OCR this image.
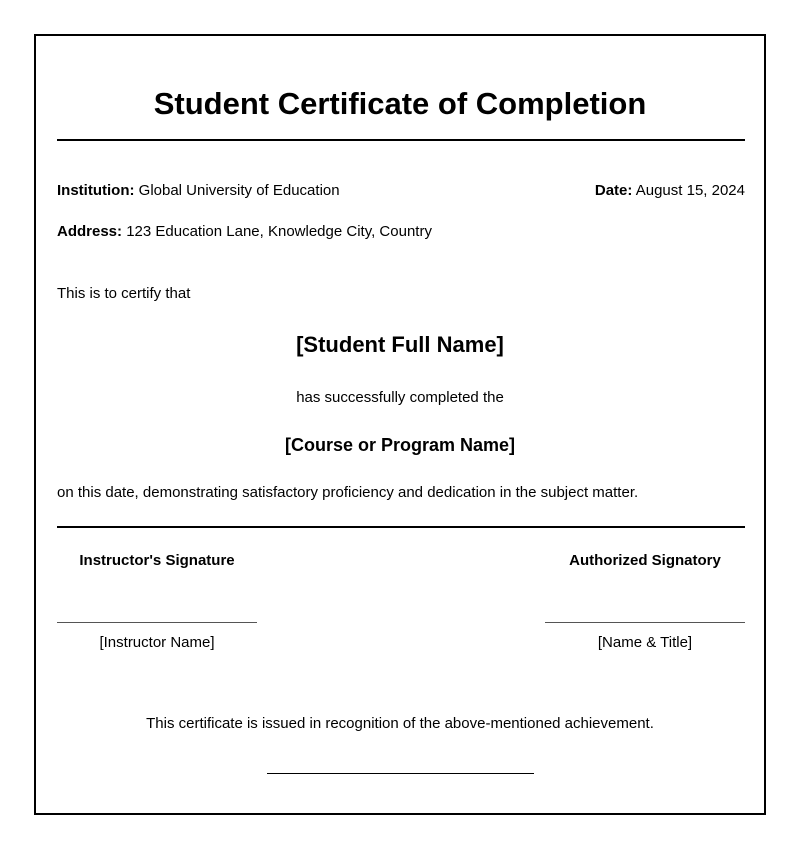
Student Certificate of Completion
Institution: Global University of Education	Date: August 15, 2024
Address: 123 Education Lane, Knowledge City, Country
This is to certify that
[Student Full Name]
has successfully completed the
[Course or Program Name]
on this date, demonstrating satisfactory proficiency and dedication in the subject matter.
Instructor's Signature
[Instructor Name]
Authorized Signatory
[Name & Title]
This certificate is issued in recognition of the above-mentioned achievement.
